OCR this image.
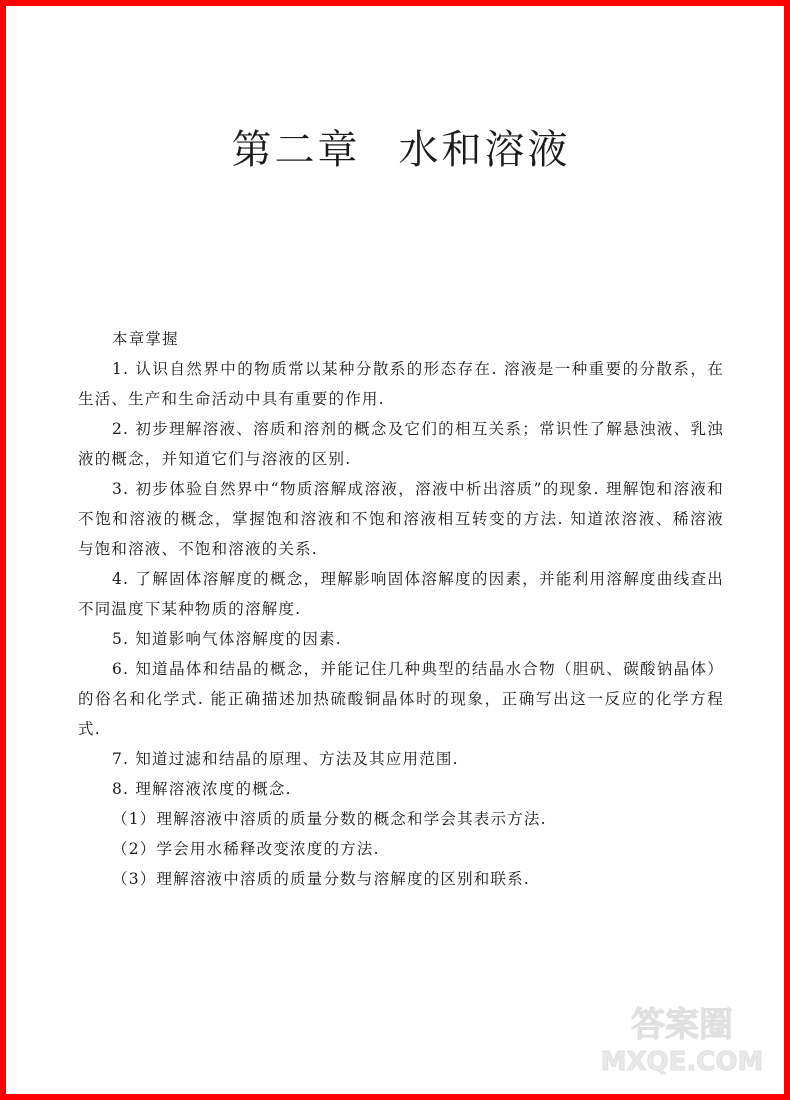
第二章 水和溶液
本章掌握

1. 认识自然界中的物质常以某种分散系的形态存在. 溶液是一种重要的分散系，在生活、生产和生命活动中具有重要的作用.

2. 初步理解溶液、溶质和溶剂的概念及它们的相互关系；常识性了解悬浊液、乳浊液的概念，并知道它们与溶液的区别.

3. 初步体验自然界中“物质溶解成溶液，溶液中析出溶质”的现象. 理解饱和溶液和不饱和溶液的概念，掌握饱和溶液和不饱和溶液相互转变的方法. 知道浓溶液、稀溶液与饱和溶液、不饱和溶液的关系.

4. 了解固体溶解度的概念，理解影响固体溶解度的因素，并能利用溶解度曲线查出不同温度下某种物质的溶解度.

5. 知道影响气体溶解度的因素.

6. 知道晶体和结晶的概念，并能记住几种典型的结晶水合物（胆矾、碳酸钠晶体）的俗名和化学式. 能正确描述加热硫酸铜晶体时的现象，正确写出这一反应的化学方程式.

7. 知道过滤和结晶的原理、方法及其应用范围.

8. 理解溶液浓度的概念.

（1）理解溶液中溶质的质量分数的概念和学会其表示方法.

（2）学会用水稀释改变浓度的方法.

（3）理解溶液中溶质的质量分数与溶解度的区别和联系.

答案圈
MXQE.COM
